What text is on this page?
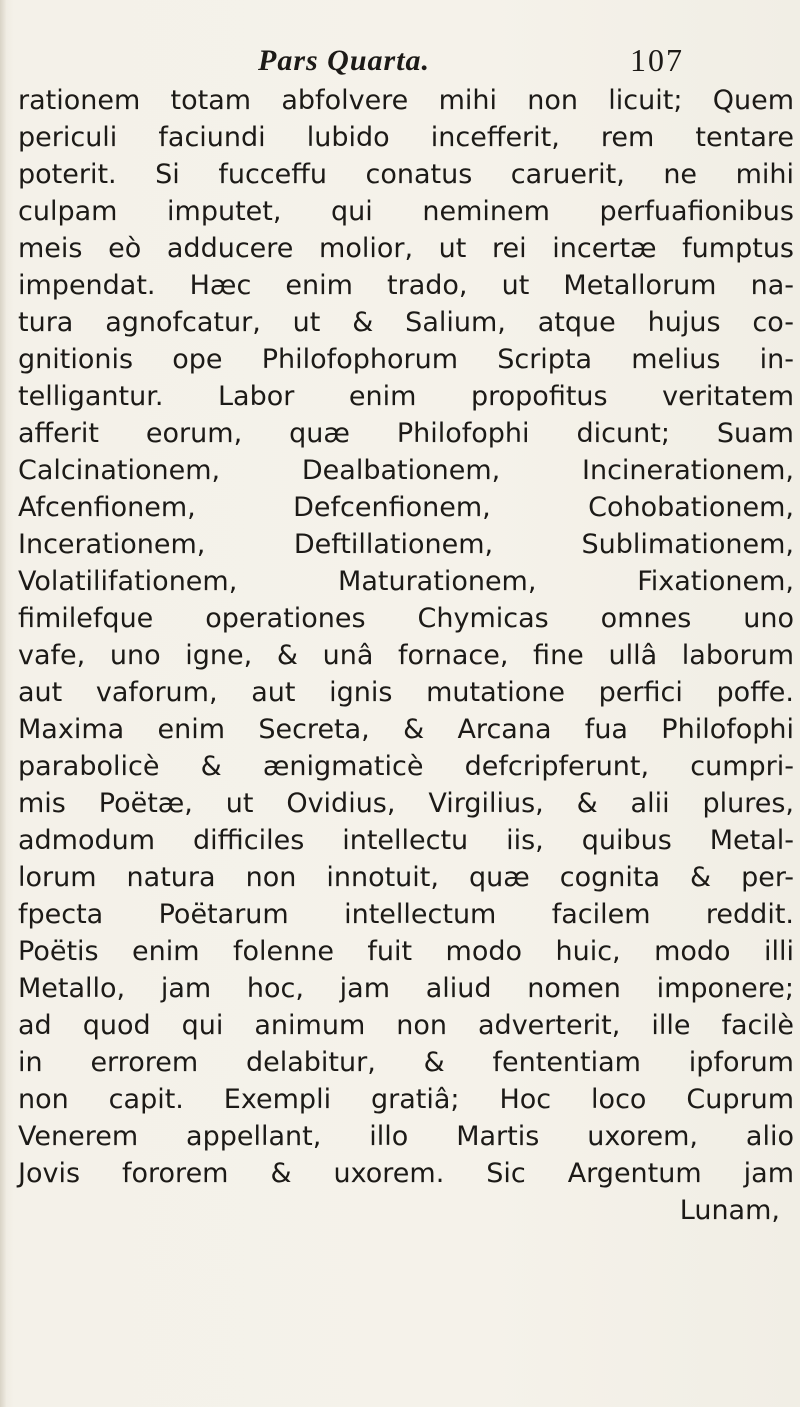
Pars Quarta.	107
rationem totam abfolvere mihi non licuit; Quem
periculi faciundi lubido incefferit, rem tentare
poterit. Si fucceffu conatus caruerit, ne mihi
culpam imputet, qui neminem perfuafionibus
meis eò adducere molior, ut rei incertæ fumptus
impendat. Hæc enim trado, ut Metallorum na-
tura agnofcatur, ut & Salium, atque hujus co-
gnitionis ope Philofophorum Scripta melius in-
telligantur. Labor enim propofitus veritatem
afferit eorum, quæ Philofophi dicunt; Suam
Calcinationem, Dealbationem, Incinerationem,
Afcenfionem, Defcenfionem, Cohobationem,
Incerationem, Deftillationem, Sublimationem,
Volatilifationem, Maturationem, Fixationem,
fimilefque operationes Chymicas omnes uno
vafe, uno igne, & unâ fornace, fine ullâ laborum
aut vaforum, aut ignis mutatione perfici poffe.
Maxima enim Secreta, & Arcana fua Philofophi
parabolicè & ænigmaticè defcripferunt, cumpri-
mis Poëtæ, ut Ovidius, Virgilius, & alii plures,
admodum difficiles intellectu iis, quibus Metal-
lorum natura non innotuit, quæ cognita & per-
fpecta Poëtarum intellectum facilem reddit.
Poëtis enim folenne fuit modo huic, modo illi
Metallo, jam hoc, jam aliud nomen imponere;
ad quod qui animum non adverterit, ille facilè
in errorem delabitur, & fententiam ipforum
non capit. Exempli gratiâ; Hoc loco Cuprum
Venerem appellant, illo Martis uxorem, alio
Jovis fororem & uxorem. Sic Argentum jam
Lunam,
